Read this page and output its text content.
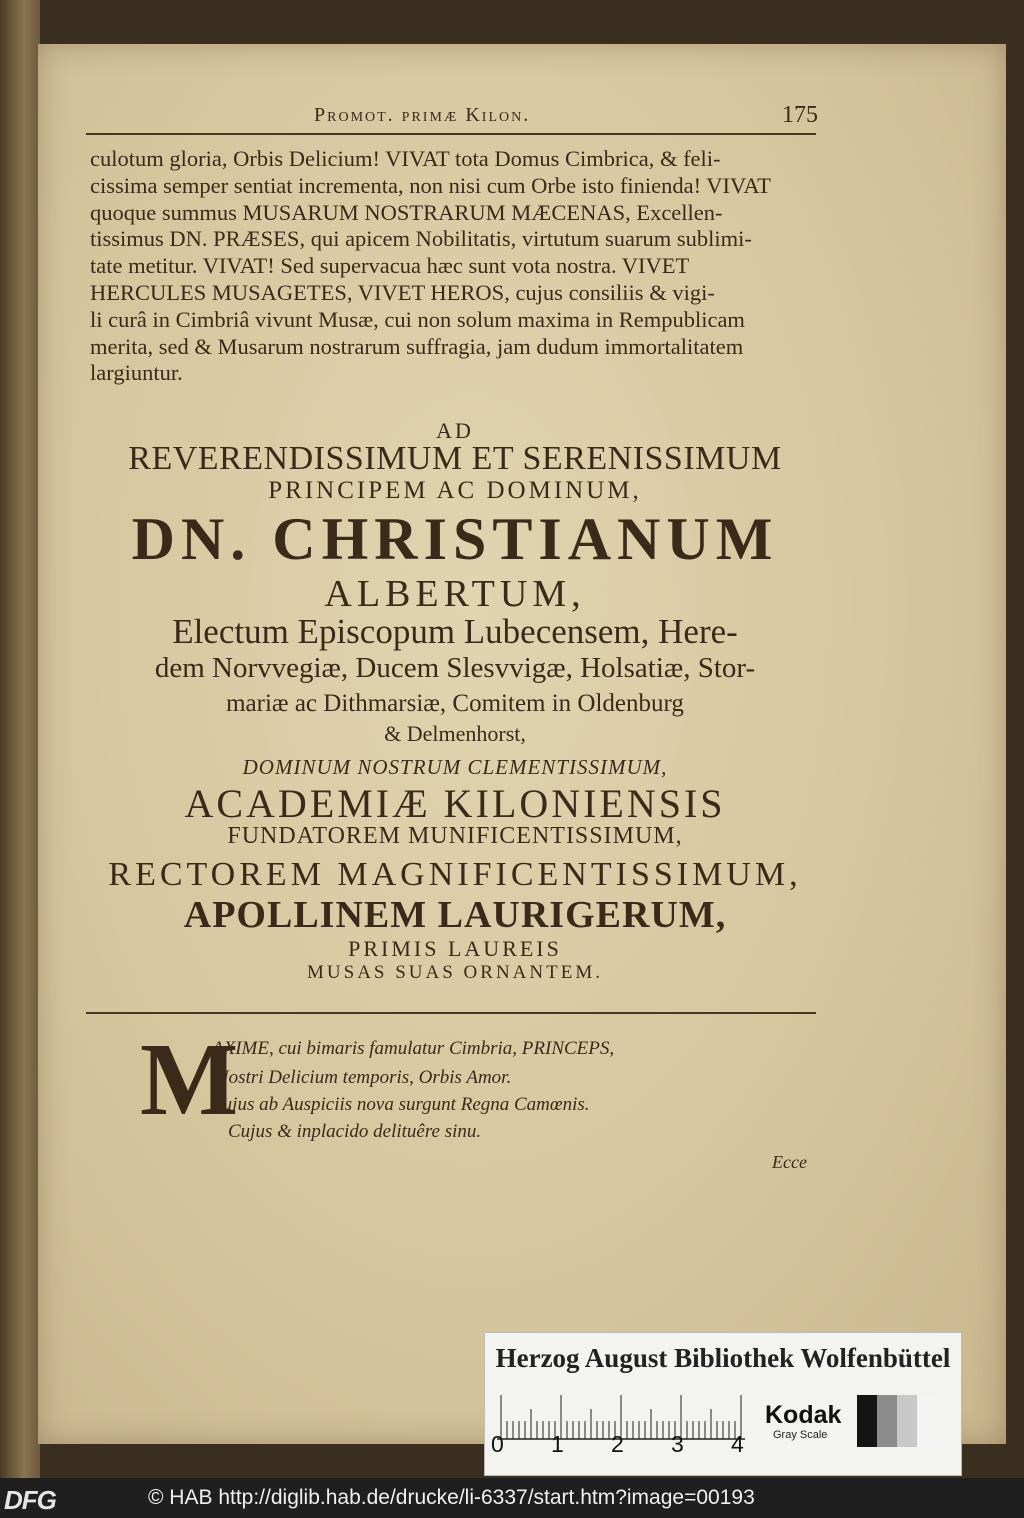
Promot. primæ Kilon.	175

culotum gloria, Orbis Delicium! VIVAT tota Domus Cimbrica, & feli-

cissima semper sentiat incrementa, non nisi cum Orbe isto finienda! VIVAT

quoque summus MUSARUM NOSTRARUM MÆCENAS, Excellen-

tissimus DN. PRÆSES, qui apicem Nobilitatis, virtutum suarum sublimi-

tate metitur. VIVAT! Sed supervacua hæc sunt vota nostra. VIVET

HERCULES MUSAGETES, VIVET HEROS, cujus consiliis & vigi-

li curâ in Cimbriâ vivunt Musæ, cui non solum maxima in Rempublicam

merita, sed & Musarum nostrarum suffragia, jam dudum immortalitatem

largiuntur.

AD
REVERENDISSIMUM ET SERENISSIMUM
PRINCIPEM AC DOMINUM,
DN. CHRISTIANUM
ALBERTUM,
Electum Episcopum Lubecensem, Here-
dem Norvvegiæ, Ducem Slesvvigæ, Holsatiæ, Stor-
mariæ ac Dithmarsiæ, Comitem in Oldenburg
& Delmenhorst,
DOMINUM NOSTRUM CLEMENTISSIMUM,
ACADEMIÆ KILONIENSIS
FUNDATOREM MUNIFICENTISSIMUM,
RECTOREM MAGNIFICENTISSIMUM,
APOLLINEM LAURIGERUM,
PRIMIS LAUREIS
MUSAS SUAS ORNANTEM.
M
AXIME, cui bimaris famulatur Cimbria, PRINCEPS,
Nostri Delicium temporis, Orbis Amor.
Cujus ab Auspiciis nova surgunt Regna Camœnis.
Cujus & inplacido delituêre sinu.
Ecce
Herzog August Bibliothek Wolfenbüttel
0 1 2 3 4
Kodak
Gray Scale
DFG	© HAB http://diglib.hab.de/drucke/li-6337/start.htm?image=00193
